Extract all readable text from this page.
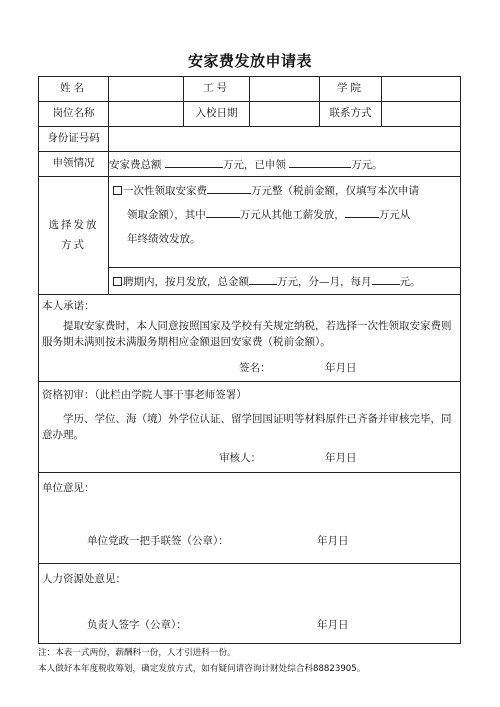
安家费发放申请表
姓名		工号		学院	
岗位名称		入校日期		联系方式	
身份证号码					
申领情况	安家费总额 万元，已申领 万元。				
选择发放方式	一次性领取安家费 万元整（税前金额，仅填写本次申请
领取金额），其中 万元从其他工薪发放， 万元从
年终绩效发放。				

	聘期内，按月发放，总金额 万元，分—月，每月 元。				

本人承诺：
提取安家费时，本人同意按照国家及学校有关规定纳税，若选择一次性领取安家费则服务期未满则按未满服务期相应金额退回安家费（税前金额）。
签名： 年月日					

资格初审：（此栏由学院人事干事老师签署）
学历、学位、海（境）外学位认证、留学回国证明等材料原件已齐备并审核完毕，同意办理。
审核人： 年月日					

单位意见：
单位党政一把手联签（公章）： 年月日					

人力资源处意见：
负责人签字（公章）： 年月日					
注：本表一式两份，薪酬科一份，人才引进科一份。
本人做好本年度税收筹划，确定发放方式，如有疑问请咨询计财处综合科88823905。
